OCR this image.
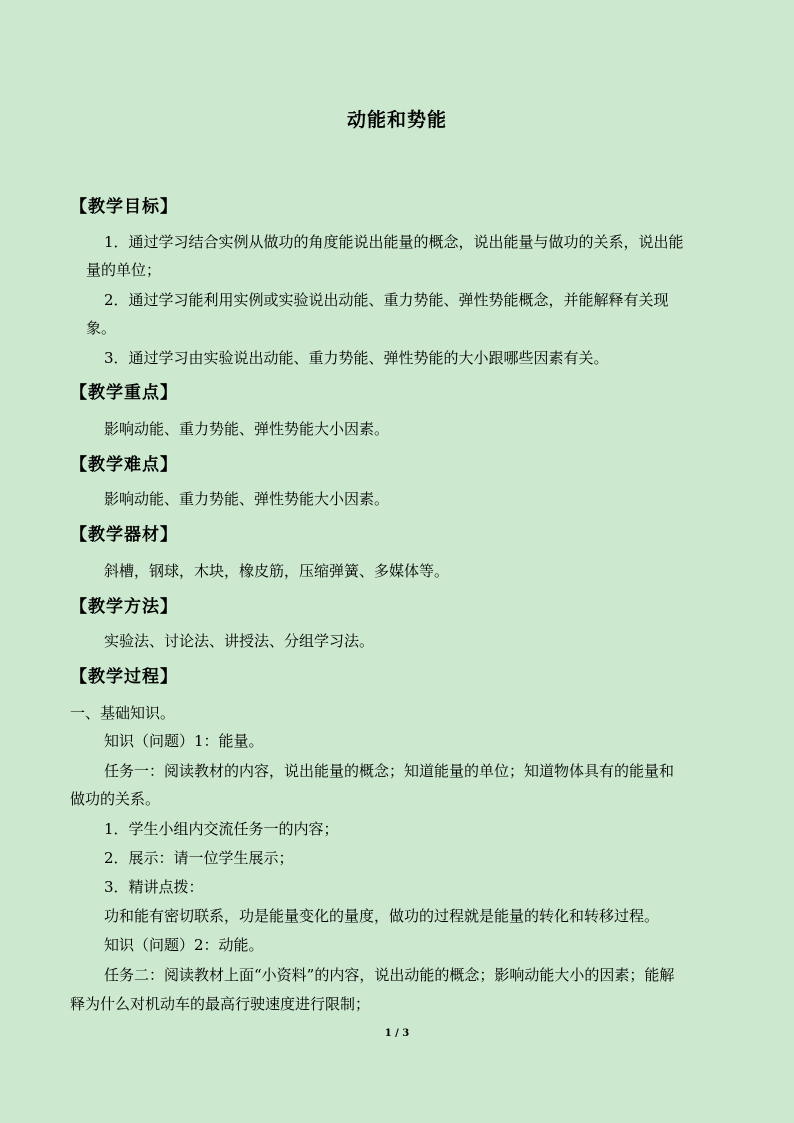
动能和势能
【教学目标】
1．通过学习结合实例从做功的角度能说出能量的概念，说出能量与做功的关系，说出能
量的单位；
2．通过学习能利用实例或实验说出动能、重力势能、弹性势能概念，并能解释有关现
象。
3．通过学习由实验说出动能、重力势能、弹性势能的大小跟哪些因素有关。
【教学重点】
影响动能、重力势能、弹性势能大小因素。
【教学难点】
影响动能、重力势能、弹性势能大小因素。
【教学器材】
斜槽，钢球，木块，橡皮筋，压缩弹簧、多媒体等。
【教学方法】
实验法、讨论法、讲授法、分组学习法。
【教学过程】
一、基础知识。
知识（问题）1：能量。
任务一：阅读教材的内容，说出能量的概念；知道能量的单位；知道物体具有的能量和
做功的关系。
1．学生小组内交流任务一的内容；
2．展示：请一位学生展示；
3．精讲点拨：
功和能有密切联系，功是能量变化的量度，做功的过程就是能量的转化和转移过程。
知识（问题）2：动能。
任务二：阅读教材上面“小资料”的内容，说出动能的概念；影响动能大小的因素；能解
释为什么对机动车的最高行驶速度进行限制；
1 / 3
